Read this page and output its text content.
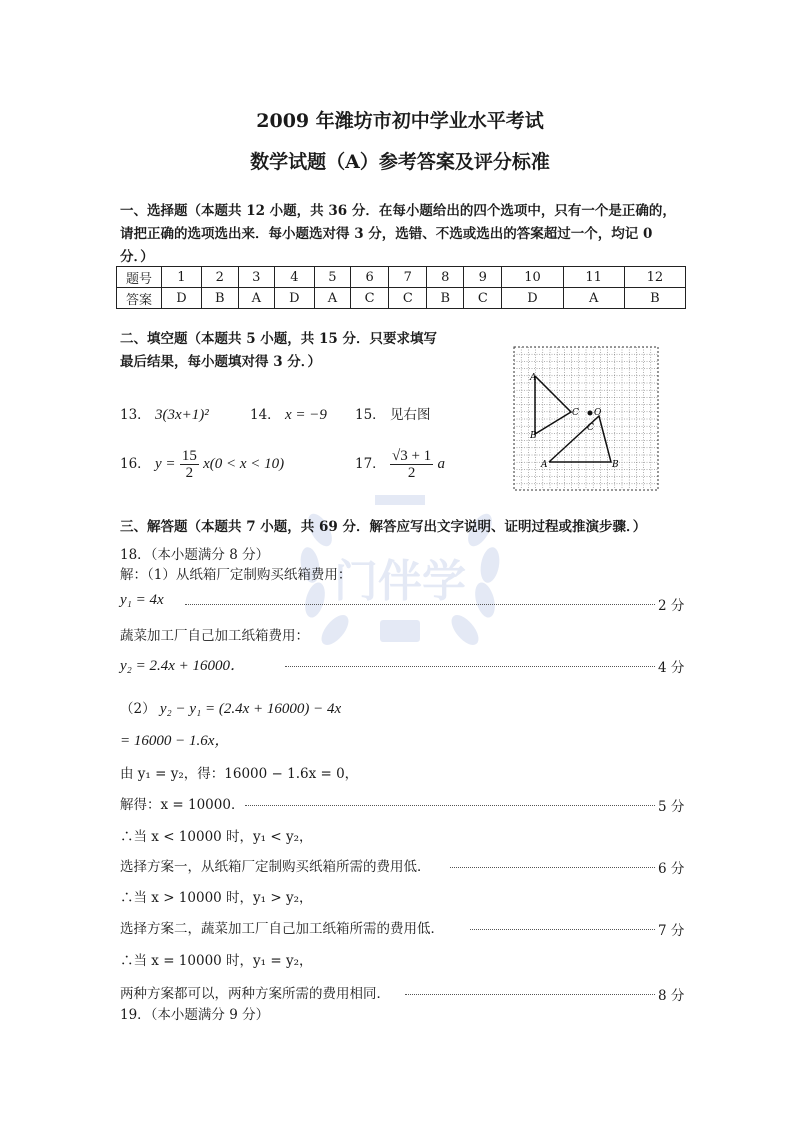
门伴学
2009 年潍坊市初中学业水平考试
数学试题（A）参考答案及评分标准
一、选择题（本题共 12 小题，共 36 分．在每小题给出的四个选项中，只有一个是正确的，
请把正确的选项选出来．每小题选对得 3 分，选错、不选或选出的答案超过一个，均记 0
分．）
题号	1	2	3	4	5	6	7	8	9	10	11	12
答案	D	B	A	D	A	C	C	B	C	D	A	B
二、填空题（本题共 5 小题，共 15 分．只要求填写
最后结果，每小题填对得 3 分．）
13． 3(3x+1)²	14． x = −9 15． 见右图
16． $y = \frac{15}{2} x(0 < x < 10)$	17． $\frac{√3 + 1}{2}$ a
A
B
C O
C
A	B
三、解答题（本题共 7 小题，共 69 分．解答应写出文字说明、证明过程或推演步骤．）
18．（本小题满分 8 分）
解：（1）从纸箱厂定制购买纸箱费用：
y₁ = 4x	2 分
蔬菜加工厂自己加工纸箱费用：
y₂ = 2.4x + 16000．	4 分
（2） y₂ − y₁ = (2.4x + 16000) − 4x
= 16000 − 1.6x，
由 y₁ = y₂，得：16000 − 1.6x = 0，
解得：x = 10000．	5 分
∴当 x < 10000 时，y₁ < y₂，
选择方案一，从纸箱厂定制购买纸箱所需的费用低．	6 分
∴当 x > 10000 时，y₁ > y₂，
选择方案二，蔬菜加工厂自己加工纸箱所需的费用低．	7 分
∴当 x = 10000 时，y₁ = y₂，
两种方案都可以，两种方案所需的费用相同．	8 分
19．（本小题满分 9 分）
